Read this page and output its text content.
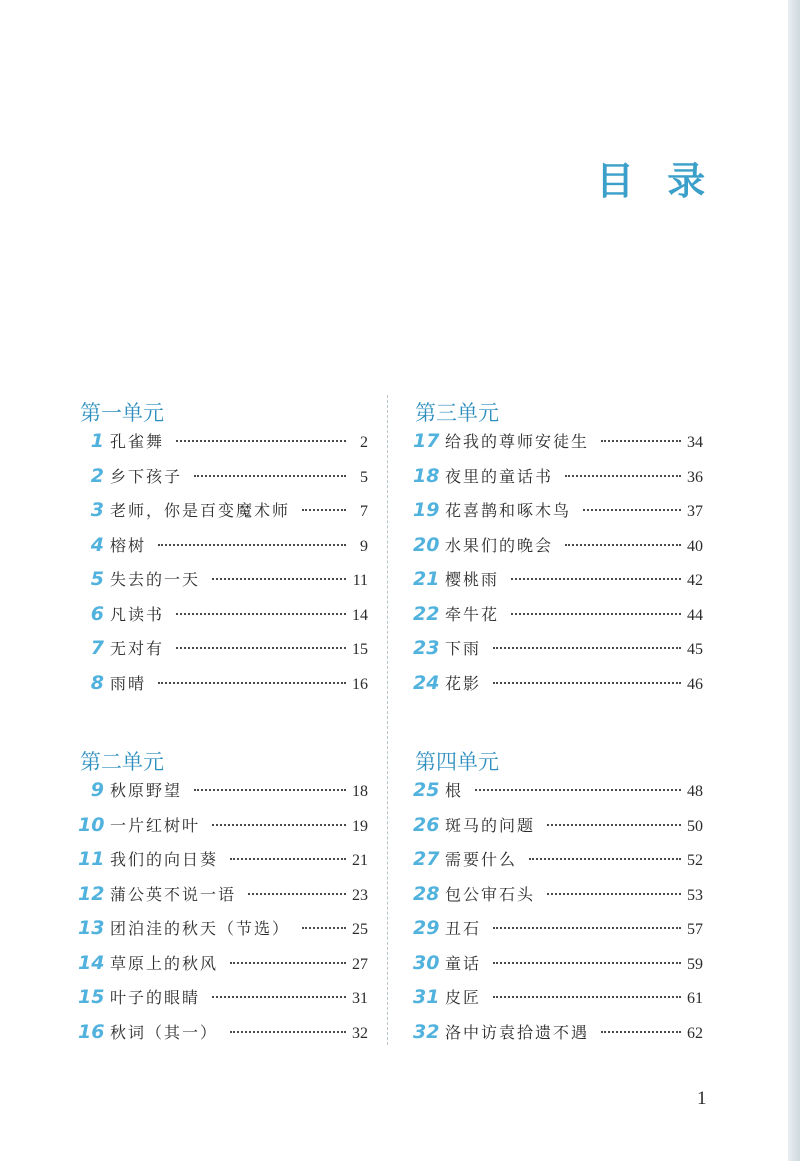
目 录
第一单元
1 孔雀舞	2
2 乡下孩子	5
3 老师，你是百变魔术师	7
4 榕树	9
5 失去的一天	11
6 凡读书	14
7 无对有	15
8 雨晴	16
第二单元
9 秋原野望	18
10 一片红树叶	19
11 我们的向日葵	21
12 蒲公英不说一语	23
13 团泊洼的秋天（节选）	25
14 草原上的秋风	27
15 叶子的眼睛	31
16 秋词（其一）	32
第三单元
17 给我的尊师安徒生	34
18 夜里的童话书	36
19 花喜鹊和啄木鸟	37
20 水果们的晚会	40
21 樱桃雨	42
22 牵牛花	44
23 下雨	45
24 花影	46
第四单元
25 根	48
26 斑马的问题	50
27 需要什么	52
28 包公审石头	53
29 丑石	57
30 童话	59
31 皮匠	61
32 洛中访袁拾遗不遇	62
1
